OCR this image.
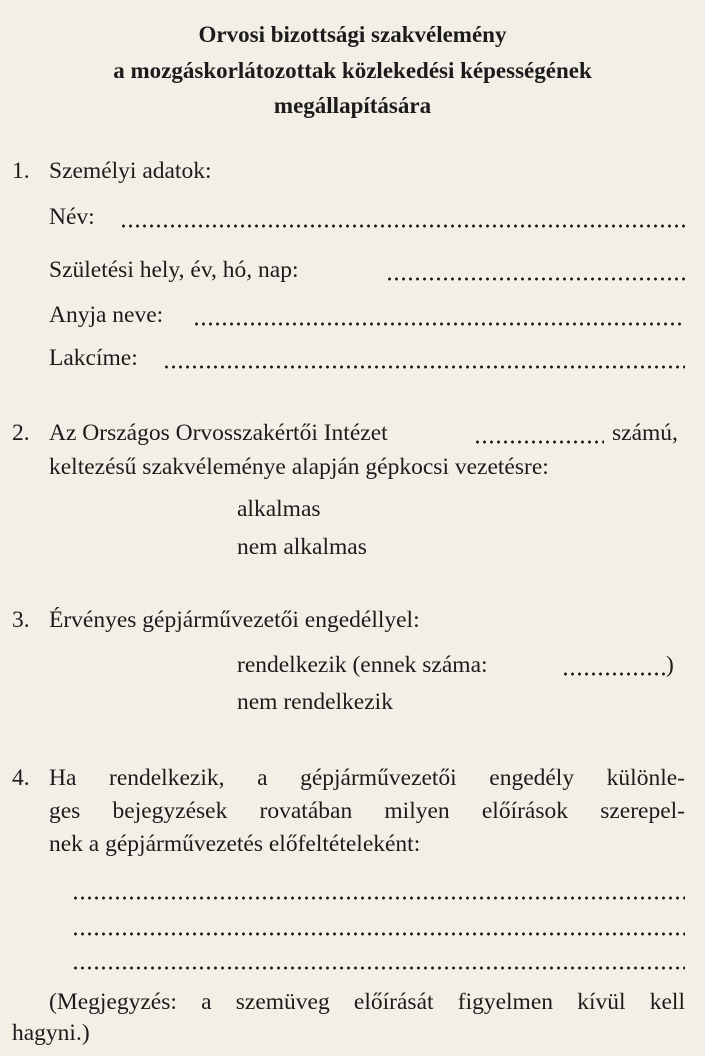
Orvosi bizottsági szakvélemény
a mozgáskorlátozottak közlekedési képességének
megállapítására
1. Személyi adatok:
Név:
Születési hely, év, hó, nap:
Anyja neve:
Lakcíme:
2. Az Országos Orvosszakértői Intézet	számú,
keltezésű szakvéleménye alapján gépkocsi vezetésre:
alkalmas
nem alkalmas
3. Érvényes gépjárművezetői engedéllyel:
rendelkezik (ennek száma:	)
nem rendelkezik
4. Ha rendelkezik, a gépjárművezetői engedély különle-
ges bejegyzések rovatában milyen előírások szerepel-
nek a gépjárművezetés előfeltételeként:
(Megjegyzés: a szemüveg előírását figyelmen kívül kell
hagyni.)
